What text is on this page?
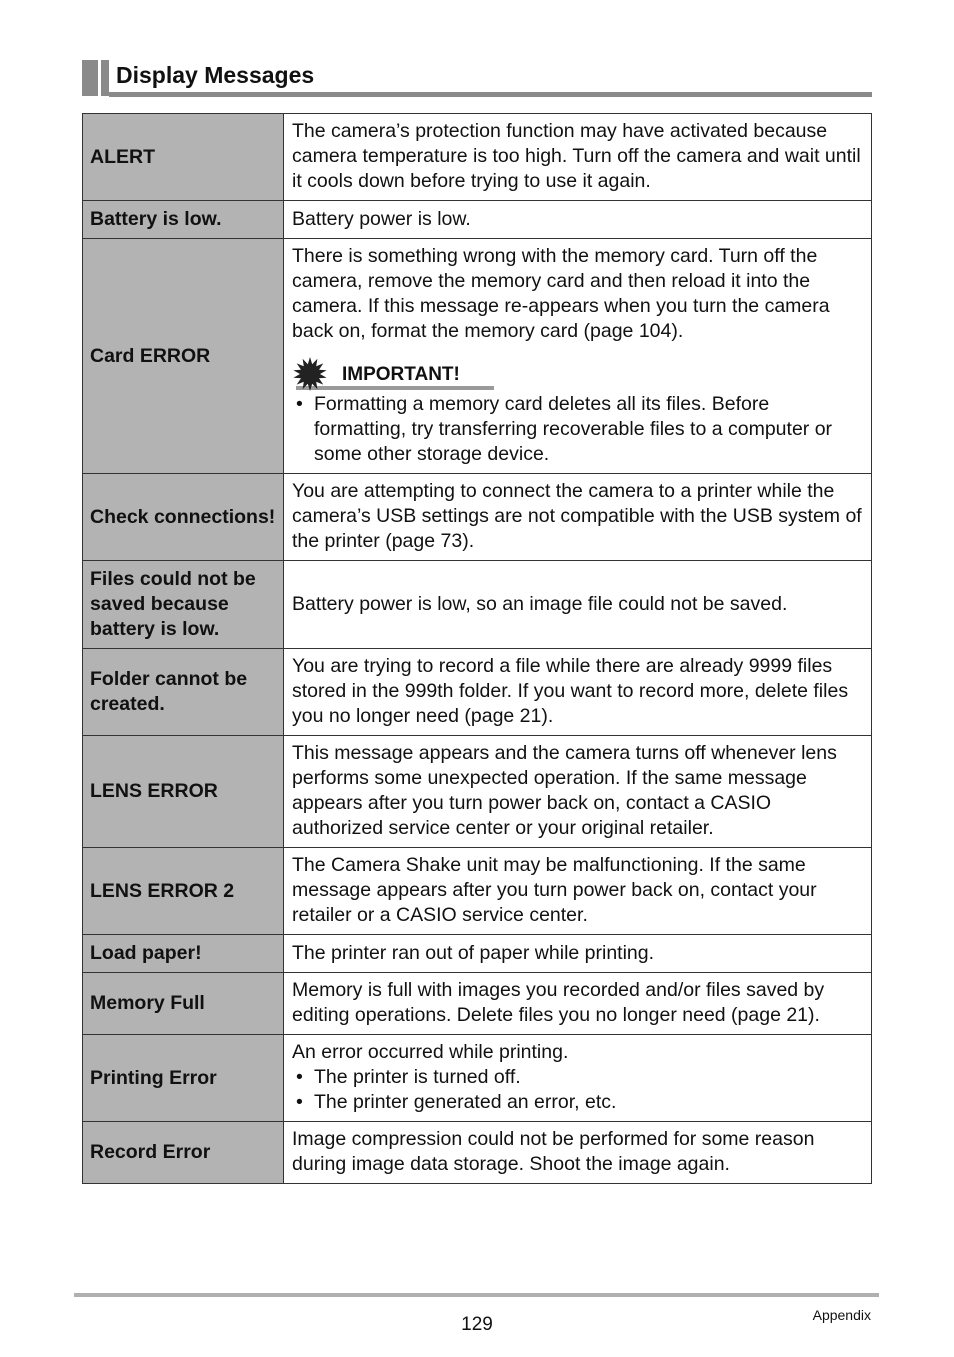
Display Messages
ALERT	The camera’s protection function may have activated because camera temperature is too high. Turn off the camera and wait until it cools down before trying to use it again.

Battery is low.	Battery power is low.

Card ERROR	There is something wrong with the memory card. Turn off the camera, remove the memory card and then reload it into the camera. If this message re-appears when you turn the camera back on, format the memory card (page 104).
IMPORTANT!
• Formatting a memory card deletes all its files. Before formatting, try transferring recoverable files to a computer or some other storage device.

Check connections!	You are attempting to connect the camera to a printer while the camera’s USB settings are not compatible with the USB system of the printer (page 73).

Files could not be saved because battery is low.	Battery power is low, so an image file could not be saved.

Folder cannot be created.	You are trying to record a file while there are already 9999 files stored in the 999th folder. If you want to record more, delete files you no longer need (page 21).

LENS ERROR	This message appears and the camera turns off whenever lens performs some unexpected operation. If the same message appears after you turn power back on, contact a CASIO authorized service center or your original retailer.

LENS ERROR 2	The Camera Shake unit may be malfunctioning. If the same message appears after you turn power back on, contact your retailer or a CASIO service center.

Load paper!	The printer ran out of paper while printing.

Memory Full	Memory is full with images you recorded and/or files saved by editing operations. Delete files you no longer need (page 21).

Printing Error	An error occurred while printing.
• The printer is turned off.
• The printer generated an error, etc.

Record Error	Image compression could not be performed for some reason during image data storage. Shoot the image again.
129	Appendix
